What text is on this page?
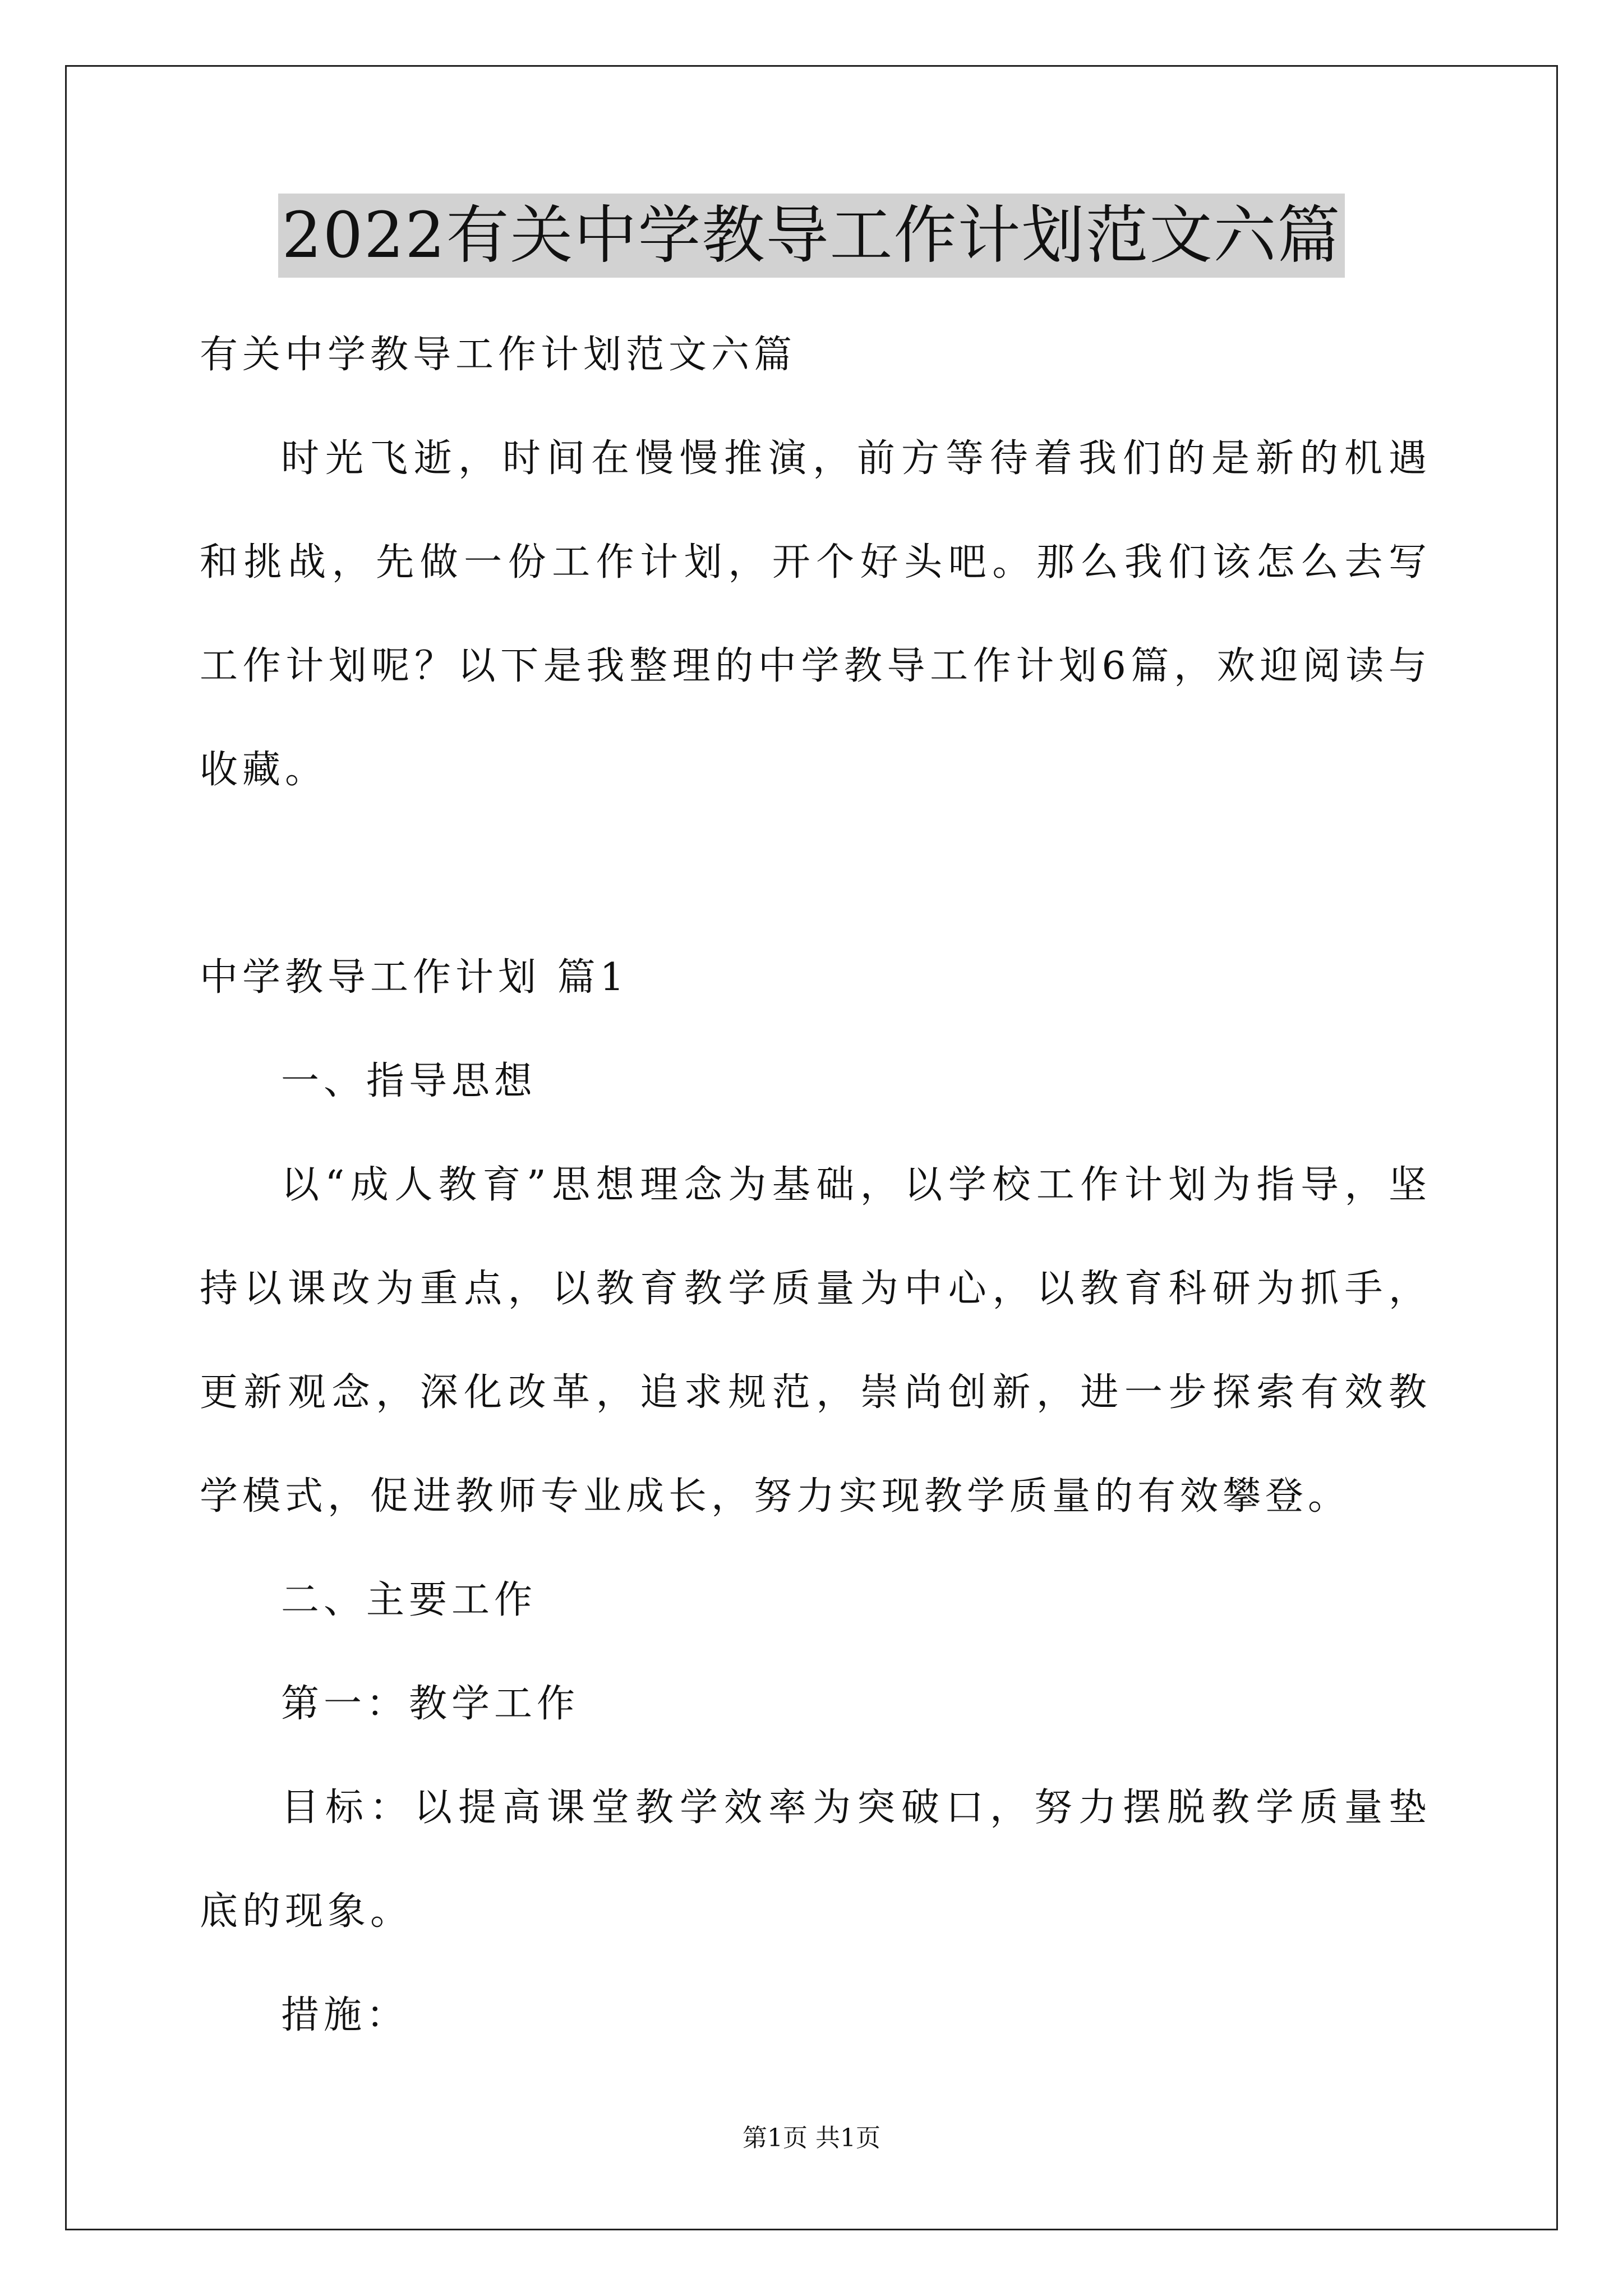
2022有关中学教导工作计划范文六篇

有关中学教导工作计划范文六篇

时光飞逝，时间在慢慢推演，前方等待着我们的是新的机遇和挑战，先做一份工作计划，开个好头吧。那么我们该怎么去写工作计划呢？以下是我整理的中学教导工作计划6篇，欢迎阅读与收藏。

中学教导工作计划 篇1

一、指导思想

以“成人教育”思想理念为基础，以学校工作计划为指导，坚持以课改为重点，以教育教学质量为中心，以教育科研为抓手，更新观念，深化改革，追求规范，崇尚创新，进一步探索有效教学模式，促进教师专业成长，努力实现教学质量的有效攀登。

二、主要工作

第一：教学工作

目标：以提高课堂教学效率为突破口，努力摆脱教学质量垫底的现象。

措施：

第1页 共1页
